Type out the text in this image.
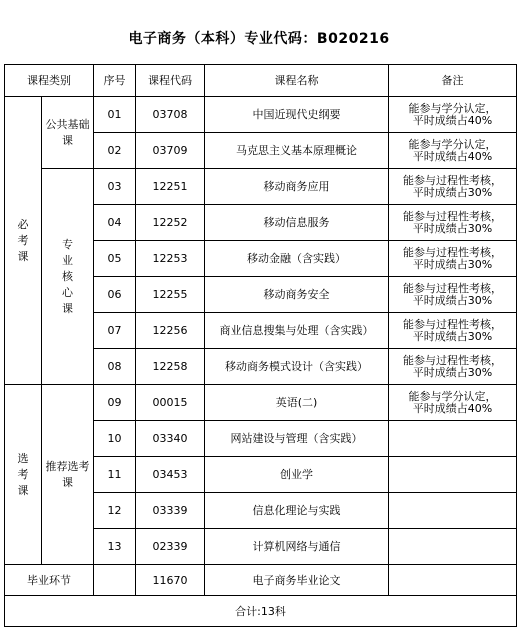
电子商务（本科）专业代码：B020216
课程类别		序号	课程代码	课程名称	备注

必考课	公共基础课	01	03708	中国近现代史纲要	能参与学分认定，
平时成绩占40%
		02	03709	马克思主义基本原理概论	能参与学分认定，
平时成绩占40%

	专业核心课	03	12251	移动商务应用	能参与过程性考核，
平时成绩占30%
		04	12252	移动信息服务	能参与过程性考核，
平时成绩占30%
		05	12253	移动金融（含实践）	能参与过程性考核，
平时成绩占30%
		06	12255	移动商务安全	能参与过程性考核，
平时成绩占30%
		07	12256	商业信息搜集与处理（含实践）	能参与过程性考核，
平时成绩占30%
		08	12258	移动商务模式设计（含实践）	能参与过程性考核，
平时成绩占30%

选考课	推荐选考课	09	00015	英语(二)	能参与学分认定，
平时成绩占40%
		10	03340	网站建设与管理（含实践）	
		11	03453	创业学	
		12	03339	信息化理论与实践	
		13	02339	计算机网络与通信	
毕业环节			11670	电子商务毕业论文	
合计:13科					
